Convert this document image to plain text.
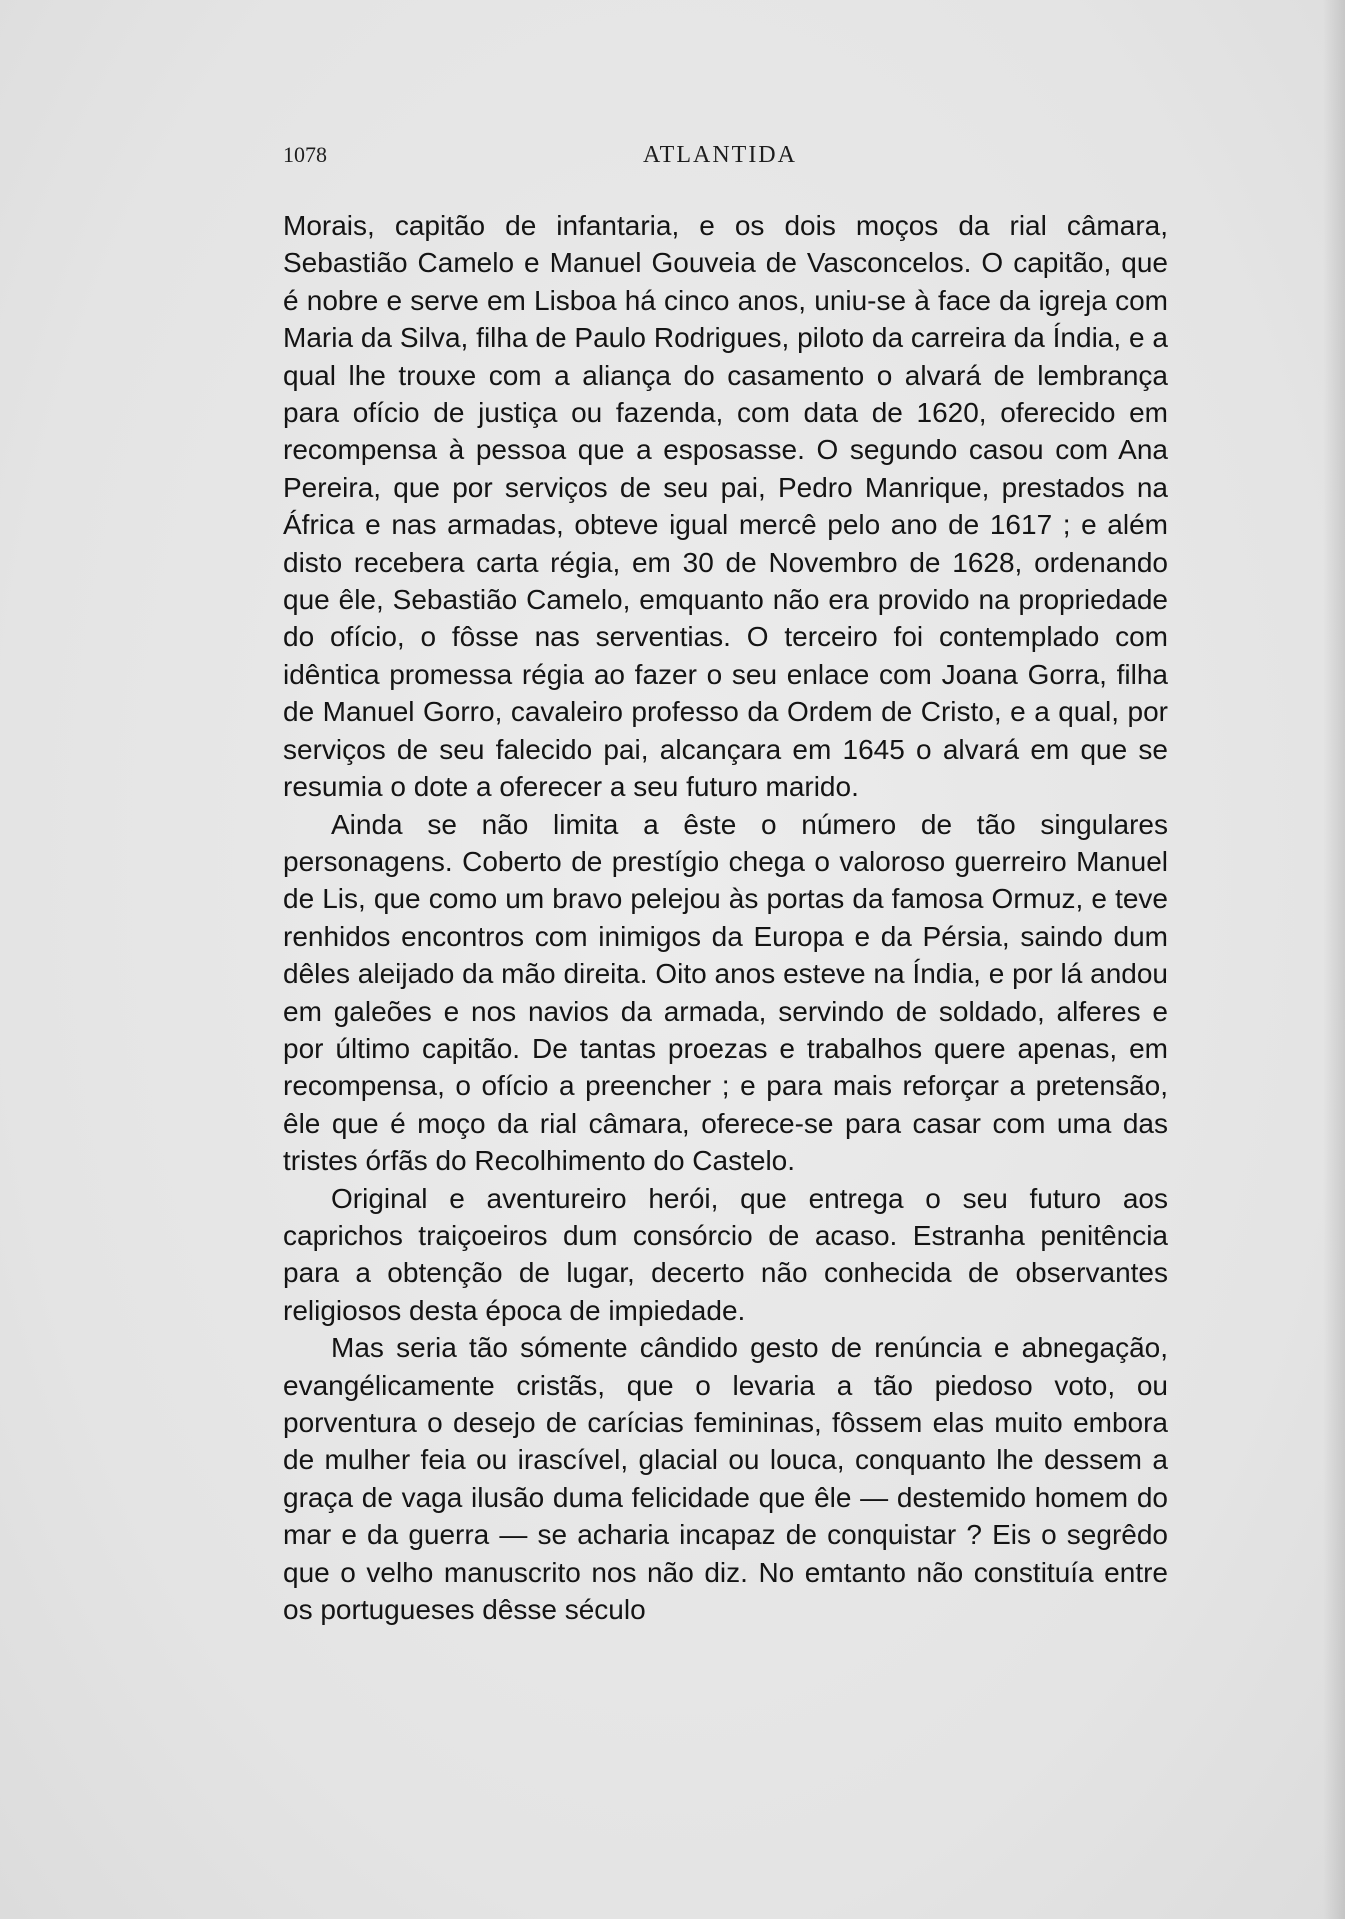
1078	ATLANTIDA

Morais, capitão de infantaria, e os dois moços da rial câmara, Sebastião Camelo e Manuel Gouveia de Vasconcelos. O capitão, que é nobre e serve em Lisboa há cinco anos, uniu-se à face da igreja com Maria da Silva, filha de Paulo Rodrigues, piloto da carreira da Índia, e a qual lhe trouxe com a aliança do casamento o alvará de lembrança para ofício de justiça ou fazenda, com data de 1620, oferecido em recompensa à pessoa que a esposasse. O segundo casou com Ana Pereira, que por serviços de seu pai, Pedro Manrique, prestados na África e nas armadas, obteve igual mercê pelo ano de 1617 ; e além disto recebera carta régia, em 30 de Novembro de 1628, ordenando que êle, Sebastião Camelo, emquanto não era provido na propriedade do ofício, o fôsse nas serventias. O terceiro foi contemplado com idêntica promessa régia ao fazer o seu enlace com Joana Gorra, filha de Manuel Gorro, cavaleiro professo da Ordem de Cristo, e a qual, por serviços de seu falecido pai, alcançara em 1645 o alvará em que se resumia o dote a oferecer a seu futuro marido.

Ainda se não limita a êste o número de tão singulares personagens. Coberto de prestígio chega o valoroso guerreiro Manuel de Lis, que como um bravo pelejou às portas da famosa Ormuz, e teve renhidos encontros com inimigos da Europa e da Pérsia, saindo dum dêles aleijado da mão direita. Oito anos esteve na Índia, e por lá andou em galeões e nos navios da armada, servindo de soldado, alferes e por último capitão. De tantas proezas e trabalhos quere apenas, em recompensa, o ofício a preencher ; e para mais reforçar a pretensão, êle que é moço da rial câmara, oferece-se para casar com uma das tristes órfãs do Recolhimento do Castelo.

Original e aventureiro herói, que entrega o seu futuro aos caprichos traiçoeiros dum consórcio de acaso. Estranha penitência para a obtenção de lugar, decerto não conhecida de observantes religiosos desta época de impiedade.

Mas seria tão sómente cândido gesto de renúncia e abnegação, evangélicamente cristãs, que o levaria a tão piedoso voto, ou porventura o desejo de carícias femininas, fôssem elas muito embora de mulher feia ou irascível, glacial ou louca, conquanto lhe dessem a graça de vaga ilusão duma felicidade que êle — destemido homem do mar e da guerra — se acharia incapaz de conquistar ? Eis o segrêdo que o velho manuscrito nos não diz. No emtanto não constituía entre os portugueses dêsse século
